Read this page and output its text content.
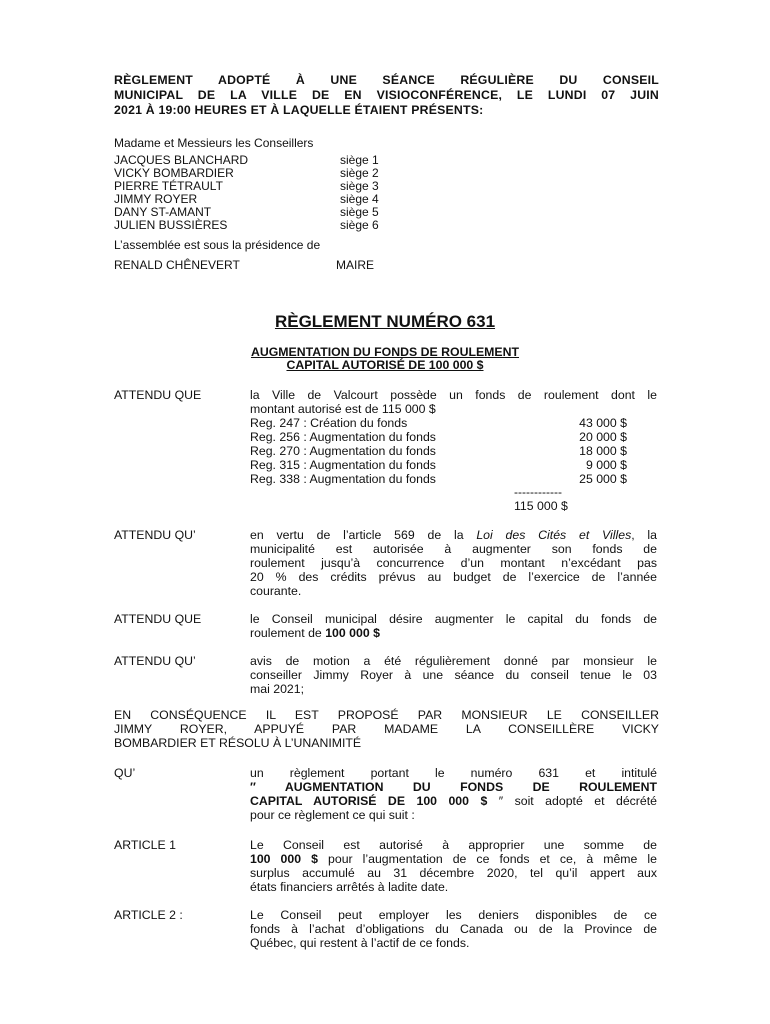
RÈGLEMENT ADOPTÉ À UNE SÉANCE RÉGULIÈRE DU CONSEIL
MUNICIPAL DE LA VILLE DE EN VISIOCONFÉRENCE, LE LUNDI 07 JUIN
2021 À 19:00 HEURES ET À LAQUELLE ÉTAIENT PRÉSENTS:
Madame et Messieurs les Conseillers
JACQUES BLANCHARD	siège 1
VICKY BOMBARDIER	siège 2
PIERRE TÉTRAULT	siège 3
JIMMY ROYER	siège 4
DANY ST-AMANT	siège 5
JULIEN BUSSIÈRES	siège 6
L’assemblée est sous la présidence de
RENALD CHÊNEVERT	MAIRE
RÈGLEMENT NUMÉRO 631
AUGMENTATION DU FONDS DE ROULEMENT
CAPITAL AUTORISÉ DE 100 000 $
ATTENDU QUE	la Ville de Valcourt possède un fonds de roulement dont le
montant autorisé est de 115 000 $
Reg. 247 : Création du fonds	43 000 $
Reg. 256 : Augmentation du fonds	20 000 $
Reg. 270 : Augmentation du fonds	18 000 $
Reg. 315 : Augmentation du fonds	9 000 $
Reg. 338 : Augmentation du fonds	25 000 $
------------
115 000 $
ATTENDU QU’	en vertu de l’article 569 de la Loi des Cités et Villes, la
municipalité est autorisée à augmenter son fonds de
roulement jusqu’à concurrence d’un montant n’excédant pas
20 % des crédits prévus au budget de l’exercice de l’année
courante.
ATTENDU QUE	le Conseil municipal désire augmenter le capital du fonds de
roulement de 100 000 $
ATTENDU QU’	avis de motion a été régulièrement donné par monsieur le
conseiller Jimmy Royer à une séance du conseil tenue le 03
mai 2021;
EN CONSÉQUENCE IL EST PROPOSÉ PAR MONSIEUR LE CONSEILLER
JIMMY ROYER, APPUYÉ PAR MADAME LA CONSEILLÈRE VICKY
BOMBARDIER ET RÉSOLU À L’UNANIMITÉ
QU’	un règlement portant le numéro 631 et intitulé
″ AUGMENTATION DU FONDS DE ROULEMENT
CAPITAL AUTORISÉ DE 100 000 $ ″ soit adopté et décrété
pour ce règlement ce qui suit :
ARTICLE 1	Le Conseil est autorisé à approprier une somme de
100 000 $ pour l’augmentation de ce fonds et ce, à même le
surplus accumulé au 31 décembre 2020, tel qu’il appert aux
états financiers arrêtés à ladite date.
ARTICLE 2 :	Le Conseil peut employer les deniers disponibles de ce
fonds à l’achat d’obligations du Canada ou de la Province de
Québec, qui restent à l’actif de ce fonds.
